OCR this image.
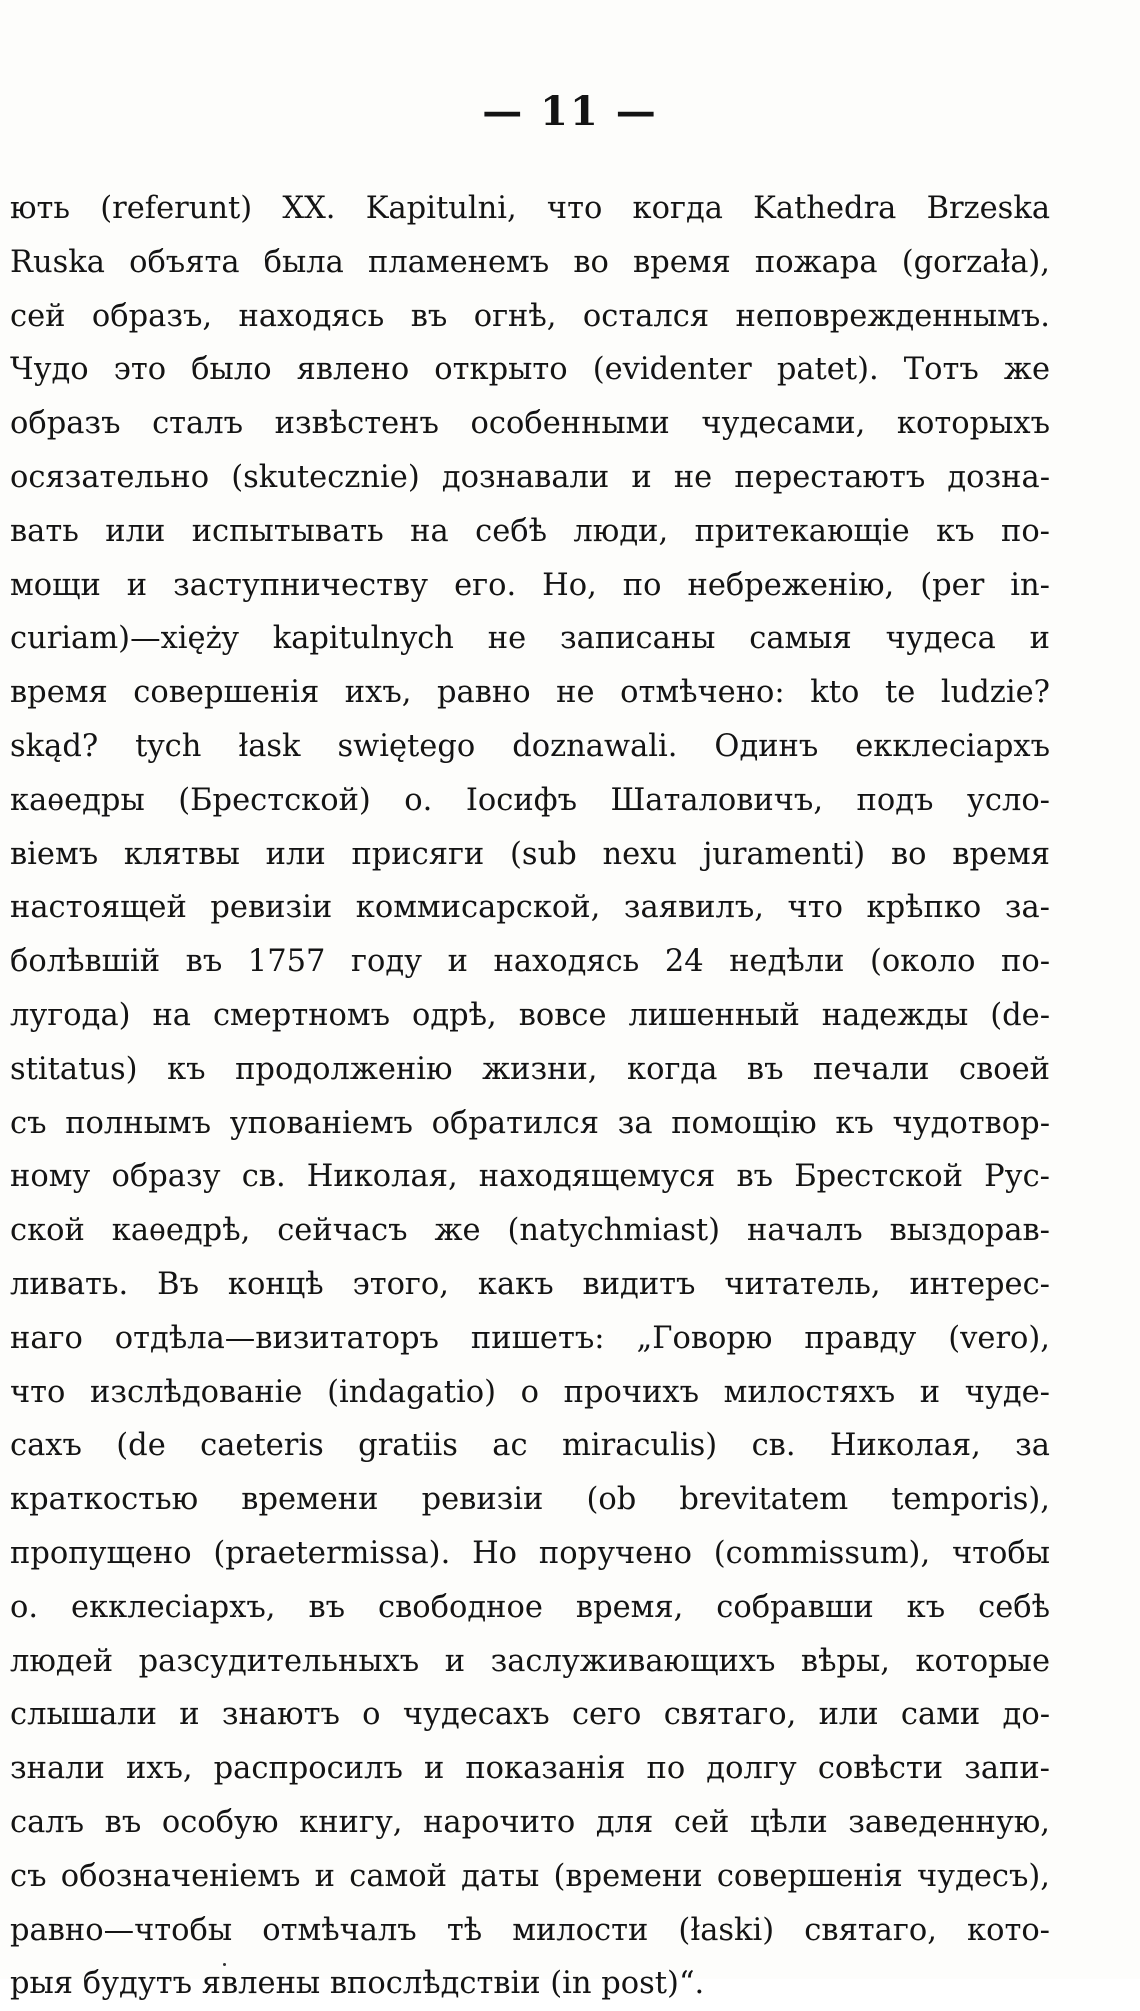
— 11 —
ють (referunt) XX. Kapitulni, что когда Kathedra Brzeska
Ruska объята была пламенемъ во время пожара (gorzała),
сей образъ, находясь въ огнѣ, остался неповрежденнымъ.
Чудо это было явлено открыто (evidenter patet). Тотъ же
образъ сталъ извѣстенъ особенными чудесами, которыхъ
осязательно (skutecznie) дознавали и не перестаютъ дозна-
вать или испытывать на себѣ люди, притекающіе къ по-
мощи и заступничеству его. Но, по небреженію, (per in-
curiam)—xięży kapitulnych не записаны самыя чудеса и
время совершенія ихъ, равно не отмѣчено: kto te ludzie?
skąd? tych łask swiętego doznawali. Одинъ екклесіархъ
каѳедры (Брестской) о. Іосифъ Шаталовичъ, подъ усло-
віемъ клятвы или присяги (sub nexu juramenti) во время
настоящей ревизіи коммисарской, заявилъ, что крѣпко за-
болѣвшій въ 1757 году и находясь 24 недѣли (около по-
лугода) на смертномъ одрѣ, вовсе лишенный надежды (de-
stitatus) къ продолженію жизни, когда въ печали своей
съ полнымъ упованіемъ обратился за помощію къ чудотвор-
ному образу св. Николая, находящемуся въ Брестской Рус-
ской каѳедрѣ, сейчасъ же (natychmiast) началъ выздорав-
ливать. Въ концѣ этого, какъ видитъ читатель, интерес-
наго отдѣла—визитаторъ пишетъ: „Говорю правду (vero),
что изслѣдованіе (indagatio) о прочихъ милостяхъ и чуде-
сахъ (de caeteris gratiis ac miraculis) св. Николая, за
краткостью времени ревизіи (ob brevitatem temporis),
пропущено (praetermissa). Но поручено (commissum), чтобы
о. екклесіархъ, въ свободное время, собравши къ себѣ
людей разсудительныхъ и заслуживающихъ вѣры, которые
слышали и знаютъ о чудесахъ сего святаго, или сами до-
знали ихъ, распросилъ и показанія по долгу совѣсти запи-
салъ въ особую книгу, нарочито для сей цѣли заведенную,
съ обозначеніемъ и самой даты (времени совершенія чудесъ),
равно—чтобы отмѣчалъ тѣ милости (łaski) святаго, кото-
рыя будутъ явлены впослѣдствіи (in post)“.
